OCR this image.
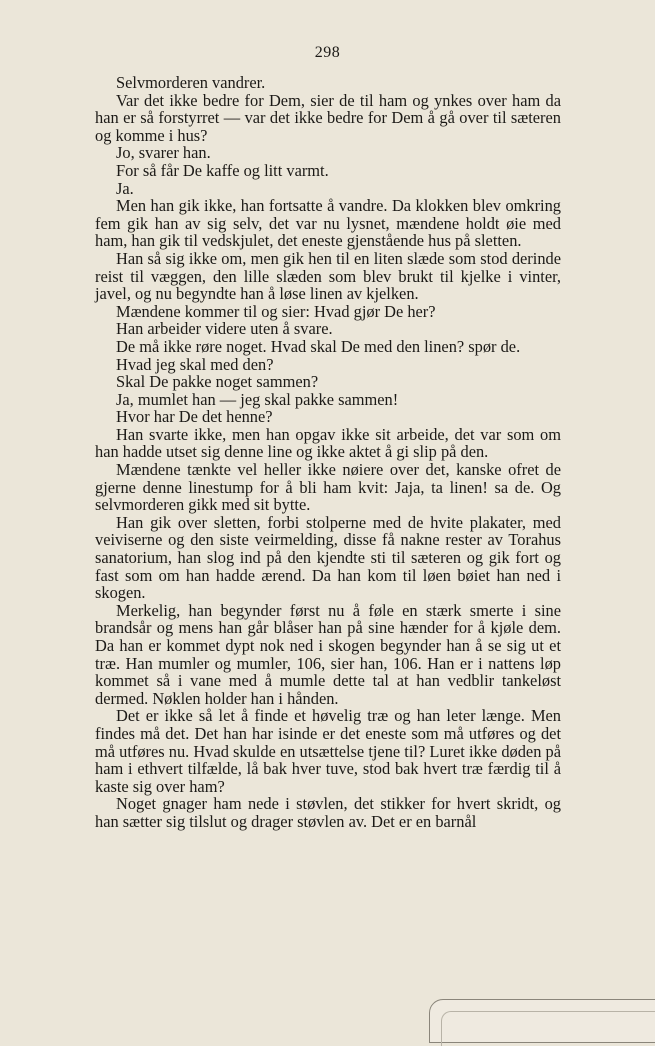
298

Selvmorderen vandrer.

Var det ikke bedre for Dem, sier de til ham og ynkes over ham da han er så forstyrret — var det ikke bedre for Dem å gå over til sæteren og komme i hus?

Jo, svarer han.

For så får De kaffe og litt varmt.

Ja.

Men han gik ikke, han fortsatte å vandre. Da klokken blev omkring fem gik han av sig selv, det var nu lysnet, mændene holdt øie med ham, han gik til vedskjulet, det eneste gjenstående hus på sletten.

Han så sig ikke om, men gik hen til en liten slæde som stod derinde reist til væggen, den lille slæden som blev brukt til kjelke i vinter, javel, og nu begyndte han å løse linen av kjelken.

Mændene kommer til og sier: Hvad gjør De her?

Han arbeider videre uten å svare.

De må ikke røre noget. Hvad skal De med den linen? spør de.

Hvad jeg skal med den?

Skal De pakke noget sammen?

Ja, mumlet han — jeg skal pakke sammen!

Hvor har De det henne?

Han svarte ikke, men han opgav ikke sit arbeide, det var som om han hadde utset sig denne line og ikke aktet å gi slip på den.

Mændene tænkte vel heller ikke nøiere over det, kanske ofret de gjerne denne linestump for å bli ham kvit: Jaja, ta linen! sa de. Og selvmorderen gikk med sit bytte.

Han gik over sletten, forbi stolperne med de hvite plakater, med veiviserne og den siste veirmelding, disse få nakne rester av Torahus sanatorium, han slog ind på den kjendte sti til sæteren og gik fort og fast som om han hadde ærend. Da han kom til løen bøiet han ned i skogen.

Merkelig, han begynder først nu å føle en stærk smerte i sine brandsår og mens han går blåser han på sine hænder for å kjøle dem. Da han er kommet dypt nok ned i skogen begynder han å se sig ut et træ. Han mumler og mumler, 106, sier han, 106. Han er i nattens løp kommet så i vane med å mumle dette tal at han vedblir tankeløst dermed. Nøklen holder han i hånden.

Det er ikke så let å finde et høvelig træ og han leter længe. Men findes må det. Det han har isinde er det eneste som må utføres og det må utføres nu. Hvad skulde en utsættelse tjene til? Luret ikke døden på ham i ethvert tilfælde, lå bak hver tuve, stod bak hvert træ færdig til å kaste sig over ham?

Noget gnager ham nede i støvlen, det stikker for hvert skridt, og han sætter sig tilslut og drager støvlen av. Det er en barnål
